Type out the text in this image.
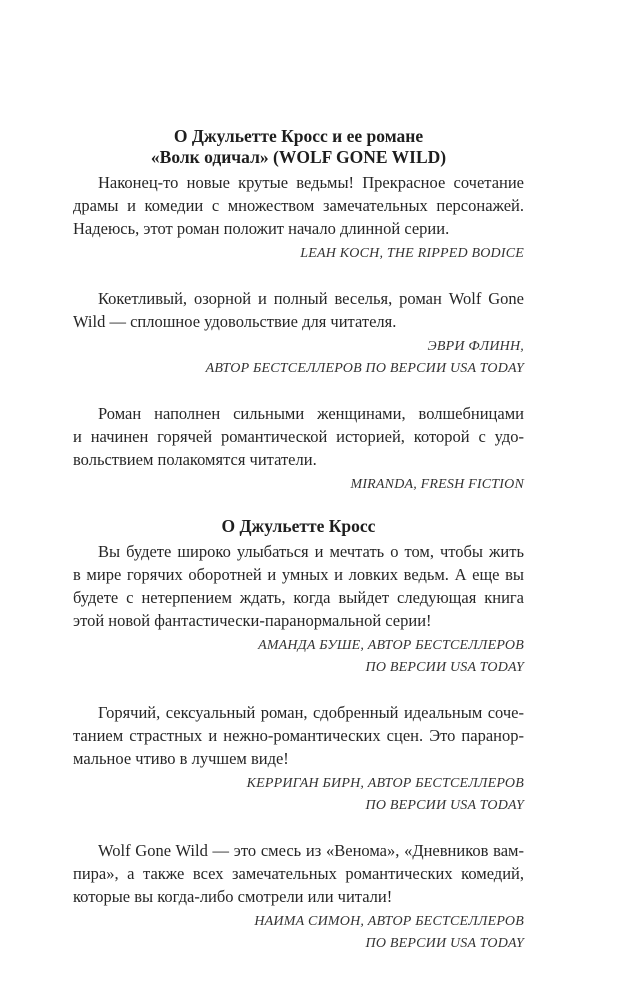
О Джульетте Кросс и ее романе
«Волк одичал» (WOLF GONE WILD)

Наконец-то новые крутые ведьмы! Прекрасное сочетание
драмы и комедии с множеством замечательных персонажей.
Надеюсь, этот роман положит начало длинной серии.

LEAH KOCH, THE RIPPED BODICE

Кокетливый, озорной и полный веселья, роман Wolf Gone
Wild — сплошное удовольствие для читателя.

ЭВРИ ФЛИНН,
АВТОР БЕСТСЕЛЛЕРОВ ПО ВЕРСИИ USA TODAY

Роман наполнен сильными женщинами, волшебницами
и начинен горячей романтической историей, которой с удо-
вольствием полакомятся читатели.

MIRANDA, FRESH FICTION

О Джульетте Кросс

Вы будете широко улыбаться и мечтать о том, чтобы жить
в мире горячих оборотней и умных и ловких ведьм. А еще вы
будете с нетерпением ждать, когда выйдет следующая книга
этой новой фантастически-паранормальной серии!

АМАНДА БУШЕ, АВТОР БЕСТСЕЛЛЕРОВ
ПО ВЕРСИИ USA TODAY

Горячий, сексуальный роман, сдобренный идеальным соче-
танием страстных и нежно-романтических сцен. Это паранор-
мальное чтиво в лучшем виде!

КЕРРИГАН БИРН, АВТОР БЕСТСЕЛЛЕРОВ
ПО ВЕРСИИ USA TODAY

Wolf Gone Wild — это смесь из «Венома», «Дневников вам-
пира», а также всех замечательных романтических комедий,
которые вы когда-либо смотрели или читали!

НАИМА СИМОН, АВТОР БЕСТСЕЛЛЕРОВ
ПО ВЕРСИИ USA TODAY
